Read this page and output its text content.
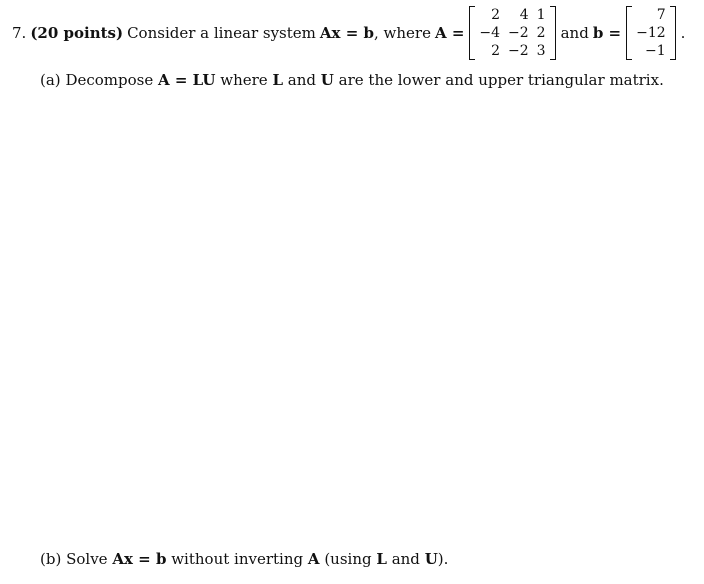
7. (20 points) Consider a linear system Ax = b , where A =
2	4	1
−4	−2	2
2	−2	3
and b =
7
−12
−1
.
(a) Decompose A = LU where L and U are the lower and upper triangular matrix.
(b) Solve Ax = b without inverting A (using L and U).
